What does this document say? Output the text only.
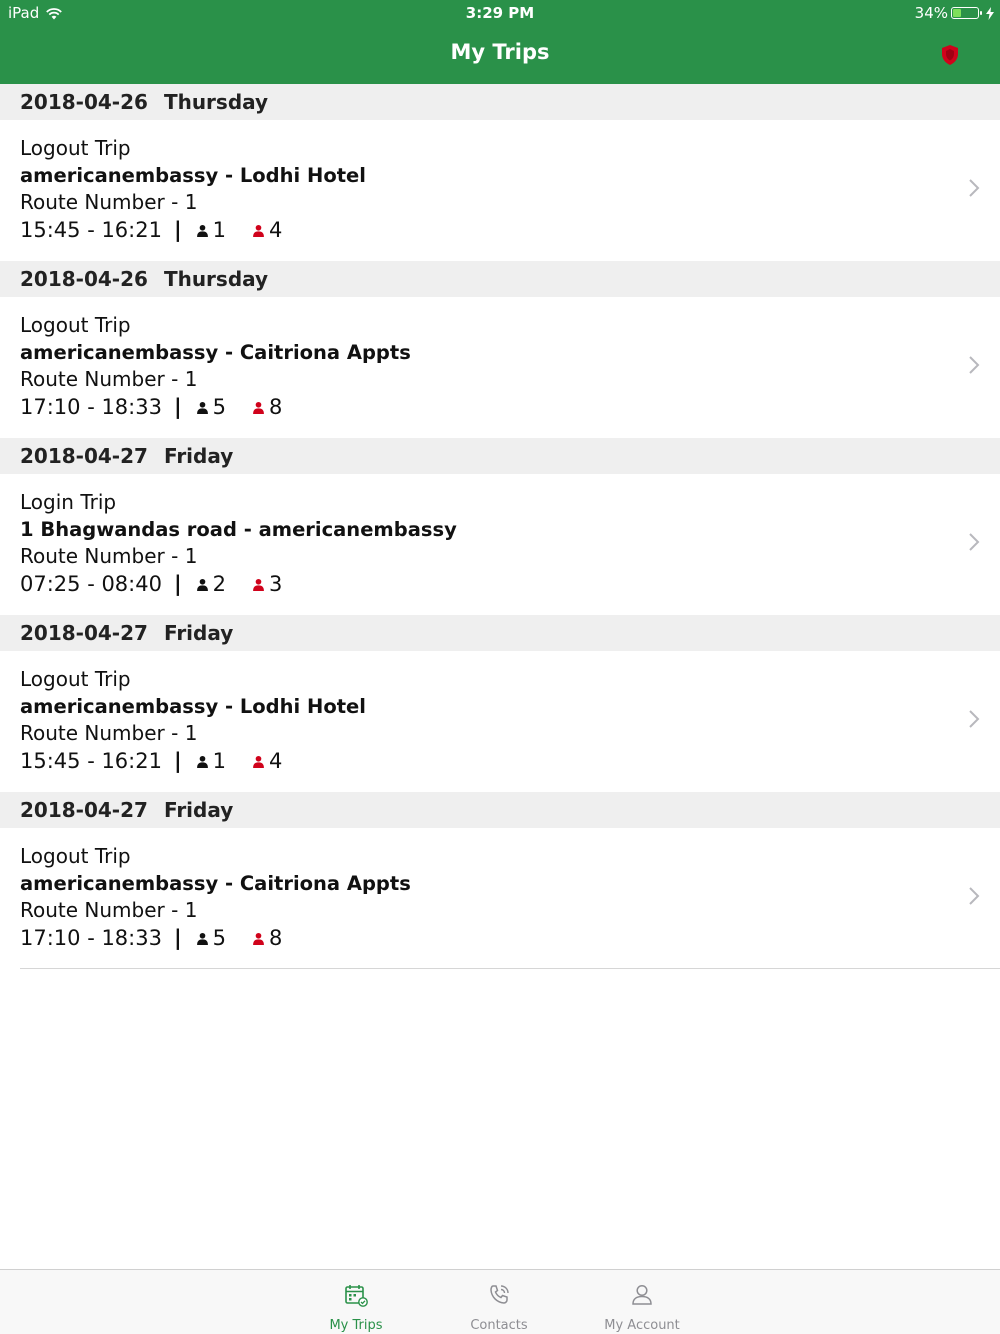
iPad	3:29 PM	34%
My Trips
2018-04-26 Thursday
Logout Trip
americanembassy - Lodhi Hotel
Route Number - 1
15:45 - 16:21 | 1 4
2018-04-26 Thursday
Logout Trip
americanembassy - Caitriona Appts
Route Number - 1
17:10 - 18:33 | 5 8
2018-04-27 Friday
Login Trip
1 Bhagwandas road - americanembassy
Route Number - 1
07:25 - 08:40 | 2 3
2018-04-27 Friday
Logout Trip
americanembassy - Lodhi Hotel
Route Number - 1
15:45 - 16:21 | 1 4
2018-04-27 Friday
Logout Trip
americanembassy - Caitriona Appts
Route Number - 1
17:10 - 18:33 | 5 8
My Trips	Contacts	My Account
